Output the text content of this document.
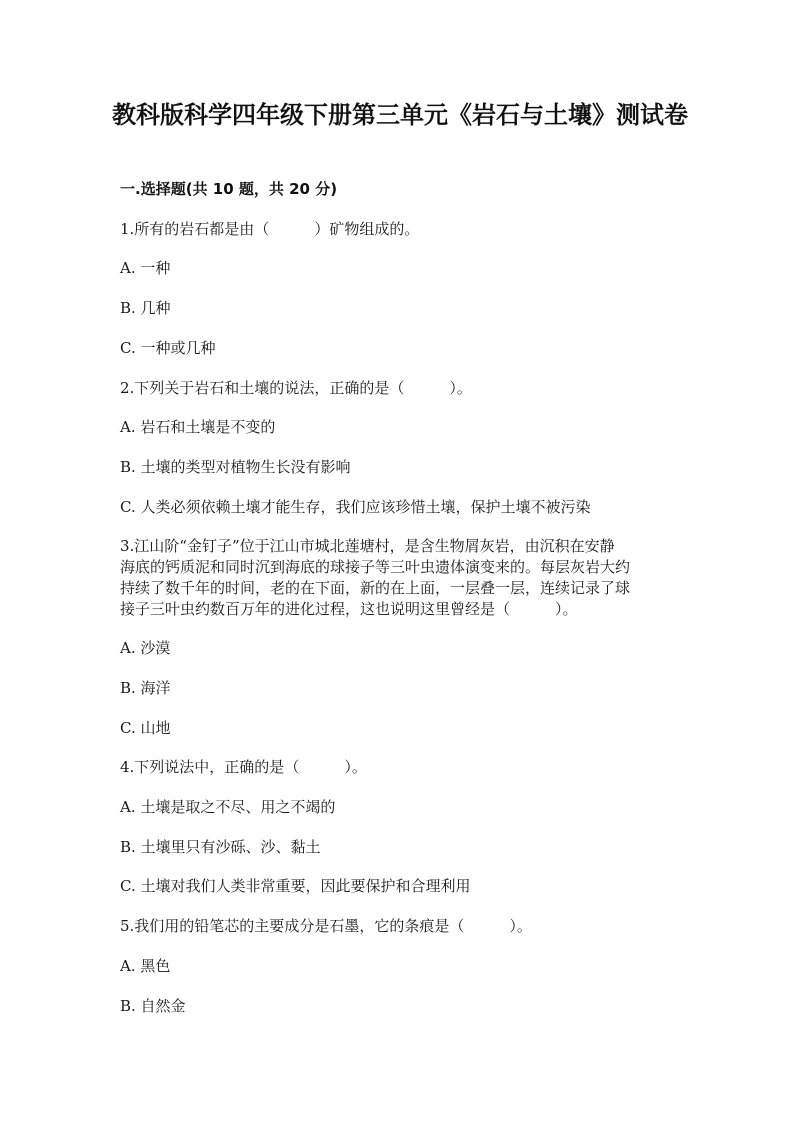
教科版科学四年级下册第三单元《岩石与土壤》测试卷
一.选择题(共 10 题，共 20 分)
1.所有的岩石都是由（　　　）矿物组成的。
A. 一种
B. 几种
C. 一种或几种
2.下列关于岩石和土壤的说法，正确的是（　　　）。
A. 岩石和土壤是不变的
B. 土壤的类型对植物生长没有影响
C. 人类必须依赖土壤才能生存，我们应该珍惜土壤，保护土壤不被污染
3.江山阶“金钉子”位于江山市城北莲塘村，是含生物屑灰岩，由沉积在安静
海底的钙质泥和同时沉到海底的球接子等三叶虫遗体演变来的。每层灰岩大约
持续了数千年的时间，老的在下面，新的在上面，一层叠一层，连续记录了球
接子三叶虫约数百万年的进化过程，这也说明这里曾经是（　　　）。
A. 沙漠
B. 海洋
C. 山地
4.下列说法中，正确的是（　　　）。
A. 土壤是取之不尽、用之不竭的
B. 土壤里只有沙砾、沙、黏土
C. 土壤对我们人类非常重要，因此要保护和合理利用
5.我们用的铅笔芯的主要成分是石墨，它的条痕是（　　　）。
A. 黑色
B. 自然金
